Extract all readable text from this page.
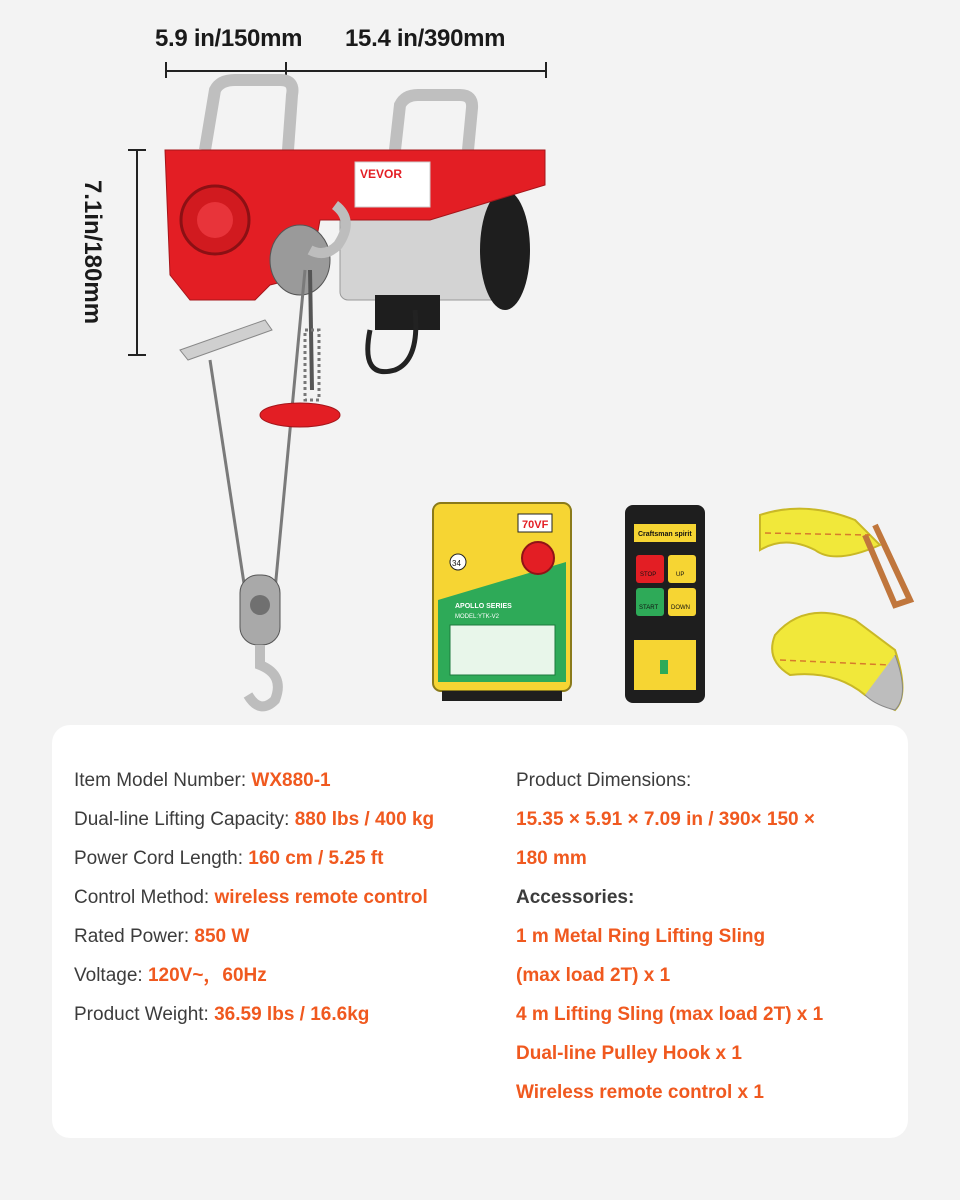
5.9 in/150mm 15.4 in/390mm
7.1in/180mm
VEVOR
70VF
34
APOLLO SERIES
MODEL:YTK-V2
Craftsman spirit
STOP	UP
START DOWN
Item Model Number: WX880-1
Dual-line Lifting Capacity: 880 lbs / 400 kg
Power Cord Length: 160 cm / 5.25 ft
Control Method: wireless remote control
Rated Power: 850 W
Voltage: 120V~，60Hz
Product Weight: 36.59 lbs / 16.6kg
Product Dimensions:
15.35 × 5.91 × 7.09 in / 390× 150 ×
180 mm
Accessories:
1 m Metal Ring Lifting Sling
(max load 2T) x 1
4 m Lifting Sling (max load 2T) x 1
Dual-line Pulley Hook x 1
Wireless remote control x 1
